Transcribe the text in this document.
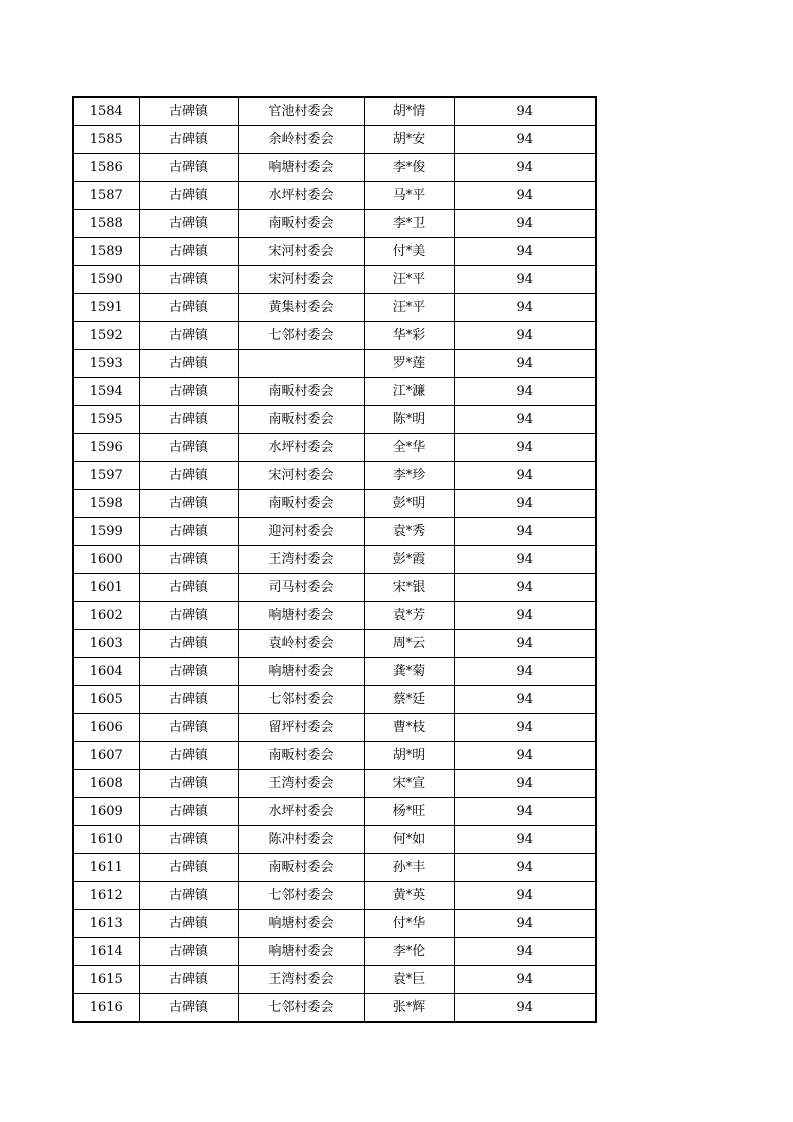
1584	古碑镇	官池村委会	胡*情	94
1585	古碑镇	余岭村委会	胡*安	94
1586	古碑镇	响塘村委会	李*俊	94
1587	古碑镇	水坪村委会	马*平	94
1588	古碑镇	南畈村委会	李*卫	94
1589	古碑镇	宋河村委会	付*美	94
1590	古碑镇	宋河村委会	汪*平	94
1591	古碑镇	黄集村委会	汪*平	94
1592	古碑镇	七邻村委会	华*彩	94
1593	古碑镇		罗*莲	94
1594	古碑镇	南畈村委会	江*濂	94
1595	古碑镇	南畈村委会	陈*明	94
1596	古碑镇	水坪村委会	全*华	94
1597	古碑镇	宋河村委会	李*珍	94
1598	古碑镇	南畈村委会	彭*明	94
1599	古碑镇	迎河村委会	袁*秀	94
1600	古碑镇	王湾村委会	彭*霞	94
1601	古碑镇	司马村委会	宋*银	94
1602	古碑镇	响塘村委会	袁*芳	94
1603	古碑镇	袁岭村委会	周*云	94
1604	古碑镇	响塘村委会	龚*菊	94
1605	古碑镇	七邻村委会	蔡*廷	94
1606	古碑镇	留坪村委会	曹*枝	94
1607	古碑镇	南畈村委会	胡*明	94
1608	古碑镇	王湾村委会	宋*宣	94
1609	古碑镇	水坪村委会	杨*旺	94
1610	古碑镇	陈冲村委会	何*如	94
1611	古碑镇	南畈村委会	孙*丰	94
1612	古碑镇	七邻村委会	黄*英	94
1613	古碑镇	响塘村委会	付*华	94
1614	古碑镇	响塘村委会	李*伦	94
1615	古碑镇	王湾村委会	袁*巨	94
1616	古碑镇	七邻村委会	张*辉	94
